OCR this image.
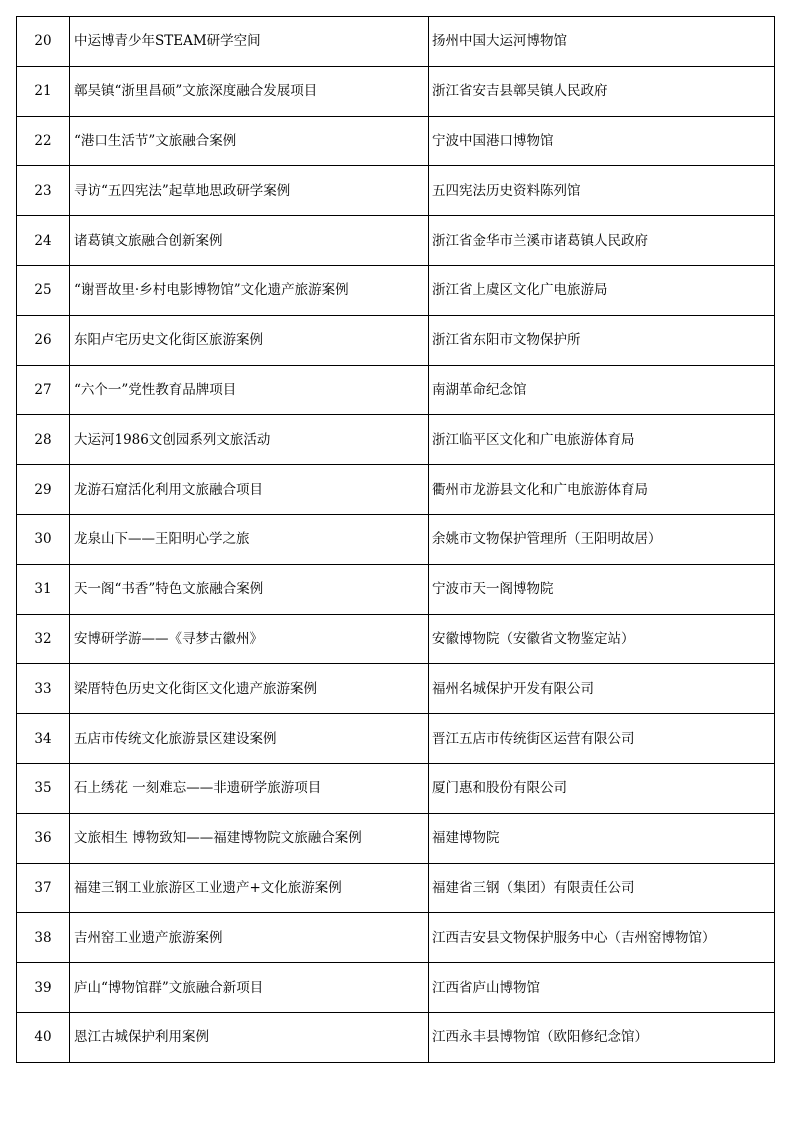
20	中运博青少年STEAM研学空间	扬州中国大运河博物馆
21	鄣吴镇“浙里昌硕”文旅深度融合发展项目	浙江省安吉县鄣吴镇人民政府
22	“港口生活节”文旅融合案例	宁波中国港口博物馆
23	寻访“五四宪法”起草地思政研学案例	五四宪法历史资料陈列馆
24	诸葛镇文旅融合创新案例	浙江省金华市兰溪市诸葛镇人民政府
25	“谢晋故里·乡村电影博物馆”文化遗产旅游案例	浙江省上虞区文化广电旅游局
26	东阳卢宅历史文化街区旅游案例	浙江省东阳市文物保护所
27	“六个一”党性教育品牌项目	南湖革命纪念馆
28	大运河1986文创园系列文旅活动	浙江临平区文化和广电旅游体育局
29	龙游石窟活化利用文旅融合项目	衢州市龙游县文化和广电旅游体育局
30	龙泉山下——王阳明心学之旅	余姚市文物保护管理所（王阳明故居）
31	天一阁“书香”特色文旅融合案例	宁波市天一阁博物院
32	安博研学游——《寻梦古徽州》	安徽博物院（安徽省文物鉴定站）
33	梁厝特色历史文化街区文化遗产旅游案例	福州名城保护开发有限公司
34	五店市传统文化旅游景区建设案例	晋江五店市传统街区运营有限公司
35	石上绣花 一刻难忘——非遗研学旅游项目	厦门惠和股份有限公司
36	文旅相生 博物致知——福建博物院文旅融合案例	福建博物院
37	福建三钢工业旅游区工业遗产+文化旅游案例	福建省三钢（集团）有限责任公司
38	吉州窑工业遗产旅游案例	江西吉安县文物保护服务中心（吉州窑博物馆）
39	庐山“博物馆群”文旅融合新项目	江西省庐山博物馆
40	恩江古城保护利用案例	江西永丰县博物馆（欧阳修纪念馆）
